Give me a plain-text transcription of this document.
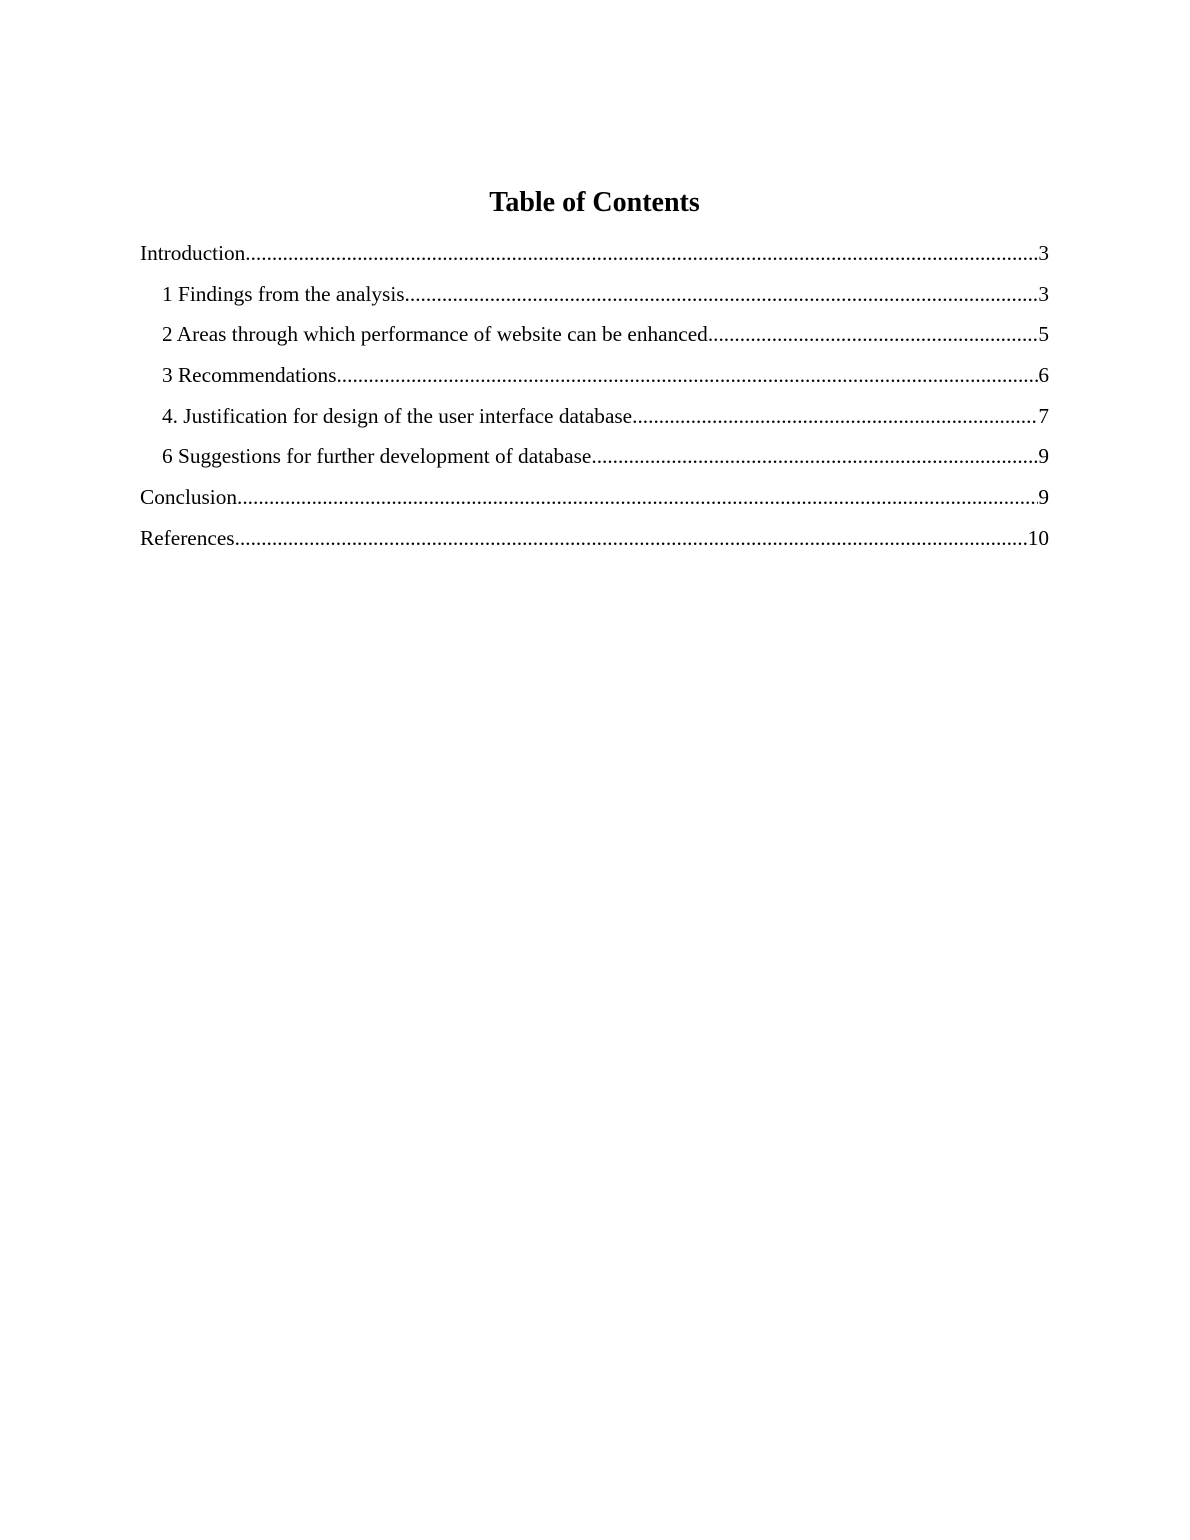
Table of Contents
Introduction .....	3
1 Findings from the analysis .....	3
2 Areas through which performance of website can be enhanced .....	5
3 Recommendations .....	6
4. Justification for design of the user interface database .....	7
6 Suggestions for further development of database .....	9
Conclusion .....	9
References .....	10
